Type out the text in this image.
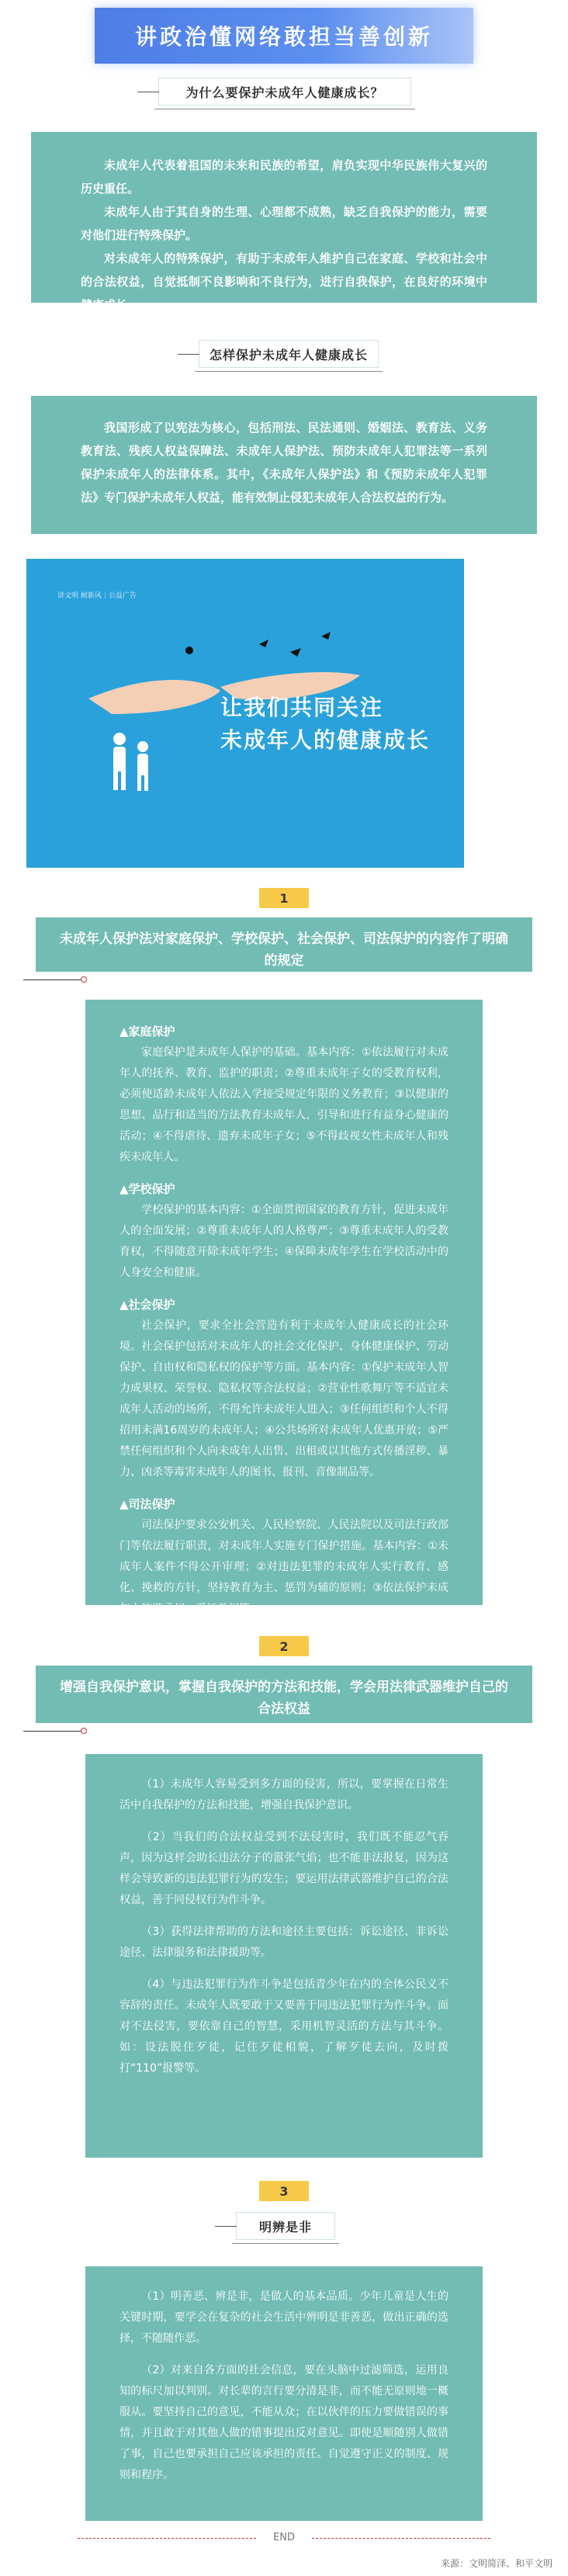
讲政治懂网络敢担当善创新
为什么要保护未成年人健康成长？

未成年人代表着祖国的未来和民族的希望，肩负实现中华民族伟大复兴的历史重任。

未成年人由于其自身的生理、心理都不成熟，缺乏自我保护的能力，需要对他们进行特殊保护。

对未成年人的特殊保护，有助于未成年人维护自己在家庭、学校和社会中的合法权益，自觉抵制不良影响和不良行为，进行自我保护，在良好的环境中健康成长。

怎样保护未成年人健康成长

我国形成了以宪法为核心，包括刑法、民法通则、婚姻法、教育法、义务教育法、残疾人权益保障法、未成年人保护法、预防未成年人犯罪法等一系列保护未成年人的法律体系。其中，《未成年人保护法》和《预防未成年人犯罪法》专门保护未成年人权益，能有效制止侵犯未成年人合法权益的行为。

讲文明 树新风｜公益广告
让我们共同关注
未成年人的健康成长
1
未成年人保护法对家庭保护、学校保护、社会保护、司法保护的内容作了明确的规定
▲家庭保护

家庭保护是未成年人保护的基础。基本内容：①依法履行对未成年人的抚养、教育、监护的职责；②尊重未成年子女的受教育权利，必须使适龄未成年人依法入学接受规定年限的义务教育；③以健康的思想、品行和适当的方法教育未成年人，引导和进行有益身心健康的活动；④不得虐待、遗弃未成年子女；⑤不得歧视女性未成年人和残疾未成年人。

▲学校保护

学校保护的基本内容：①全面贯彻国家的教育方针，促进未成年人的全面发展；②尊重未成年人的人格尊严；③尊重未成年人的受教育权，不得随意开除未成年学生；④保障未成年学生在学校活动中的人身安全和健康。

▲社会保护

社会保护，要求全社会营造有利于未成年人健康成长的社会环境。社会保护包括对未成年人的社会文化保护、身体健康保护、劳动保护、自由权和隐私权的保护等方面。基本内容：①保护未成年人智力成果权、荣誉权、隐私权等合法权益；②营业性歌舞厅等不适宜未成年人活动的场所，不得允许未成年人进入；③任何组织和个人不得招用未满16周岁的未成年人；④公共场所对未成年人优惠开放；⑤严禁任何组织和个人向未成年人出售、出租或以其他方式传播淫秽、暴力、凶杀等毒害未成年人的图书、报刊、音像制品等。

▲司法保护

司法保护要求公安机关、人民检察院、人民法院以及司法行政部门等依法履行职责，对未成年人实施专门保护措施。基本内容：①未成年人案件不得公开审理；②对违法犯罪的未成年人实行教育、感化、挽救的方针，坚持教育为主、惩罚为辅的原则；③依法保护未成年人的继承权、受抚养权等。

2
增强自我保护意识，掌握自我保护的方法和技能，学会用法律武器维护自己的合法权益

（1）未成年人容易受到多方面的侵害，所以，要掌握在日常生活中自我保护的方法和技能，增强自我保护意识。

（2）当我们的合法权益受到不法侵害时，我们既不能忍气吞声，因为这样会助长违法分子的嚣张气焰；也不能非法报复，因为这样会导致新的违法犯罪行为的发生；要运用法律武器维护自己的合法权益，善于同侵权行为作斗争。

（3）获得法律帮助的方法和途径主要包括：诉讼途径、非诉讼途径、法律服务和法律援助等。

（4）与违法犯罪行为作斗争是包括青少年在内的全体公民义不容辞的责任。未成年人既要敢于又要善于同违法犯罪行为作斗争。面对不法侵害，要依靠自己的智慧，采用机智灵活的方法与其斗争。如：设法脱住歹徒，记住歹徒相貌，了解歹徒去向，及时拨打“110”报警等。

3
明辨是非

（1）明善恶、辨是非，是做人的基本品质。少年儿童是人生的关键时期，要学会在复杂的社会生活中辨明是非善恶，做出正确的选择，不随随作恶。

（2）对来自各方面的社会信息，要在头脑中过滤筛选，运用良知的标尺加以判别。对长辈的言行要分清是非，而不能无原则地一概服从。要坚持自己的意见，不能从众；在以伙伴的压力要做错误的事情，并且敢于对其他人做的错事提出反对意见。即使是顺随别人做错了事，自己也要承担自己应该承担的责任。自觉遵守正义的制度、规则和程序。

END
来源：文明简泽、和平文明
